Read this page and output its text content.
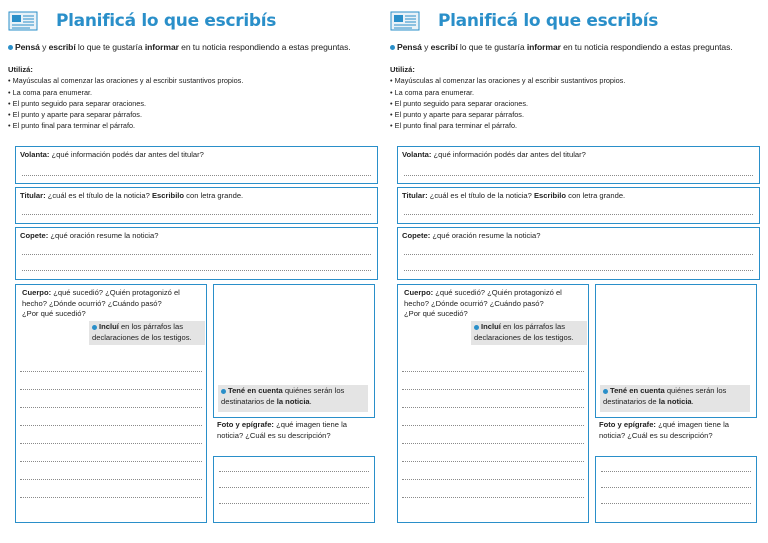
Planificá lo que escribís
Pensá y escribí lo que te gustaría informar en tu noticia respondiendo a estas preguntas.
Utilizá:
• Mayúsculas al comenzar las oraciones y al escribir sustantivos propios.
• La coma para enumerar.
• El punto seguido para separar oraciones.
• El punto y aparte para separar párrafos.
• El punto final para terminar el párrafo.
Volanta: ¿qué información podés dar antes del titular?
Titular: ¿cuál es el título de la noticia? Escribilo con letra grande.
Copete: ¿qué oración resume la noticia?
Cuerpo: ¿qué sucedió? ¿Quién protagonizó el
hecho? ¿Dónde ocurrió? ¿Cuándo pasó?
¿Por qué sucedió?
Incluí en los párrafos las
declaraciones de los testigos.
Tené en cuenta quiénes serán los
destinatarios de la noticia.
Foto y epígrafe: ¿qué imagen tiene la
noticia? ¿Cuál es su descripción?
Planificá lo que escribís
Pensá y escribí lo que te gustaría informar en tu noticia respondiendo a estas preguntas.
Utilizá:
• Mayúsculas al comenzar las oraciones y al escribir sustantivos propios.
• La coma para enumerar.
• El punto seguido para separar oraciones.
• El punto y aparte para separar párrafos.
• El punto final para terminar el párrafo.
Volanta: ¿qué información podés dar antes del titular?
Titular: ¿cuál es el título de la noticia? Escribilo con letra grande.
Copete: ¿qué oración resume la noticia?
Cuerpo: ¿qué sucedió? ¿Quién protagonizó el
hecho? ¿Dónde ocurrió? ¿Cuándo pasó?
¿Por qué sucedió?
Incluí en los párrafos las
declaraciones de los testigos.
Tené en cuenta quiénes serán los
destinatarios de la noticia.
Foto y epígrafe: ¿qué imagen tiene la
noticia? ¿Cuál es su descripción?
